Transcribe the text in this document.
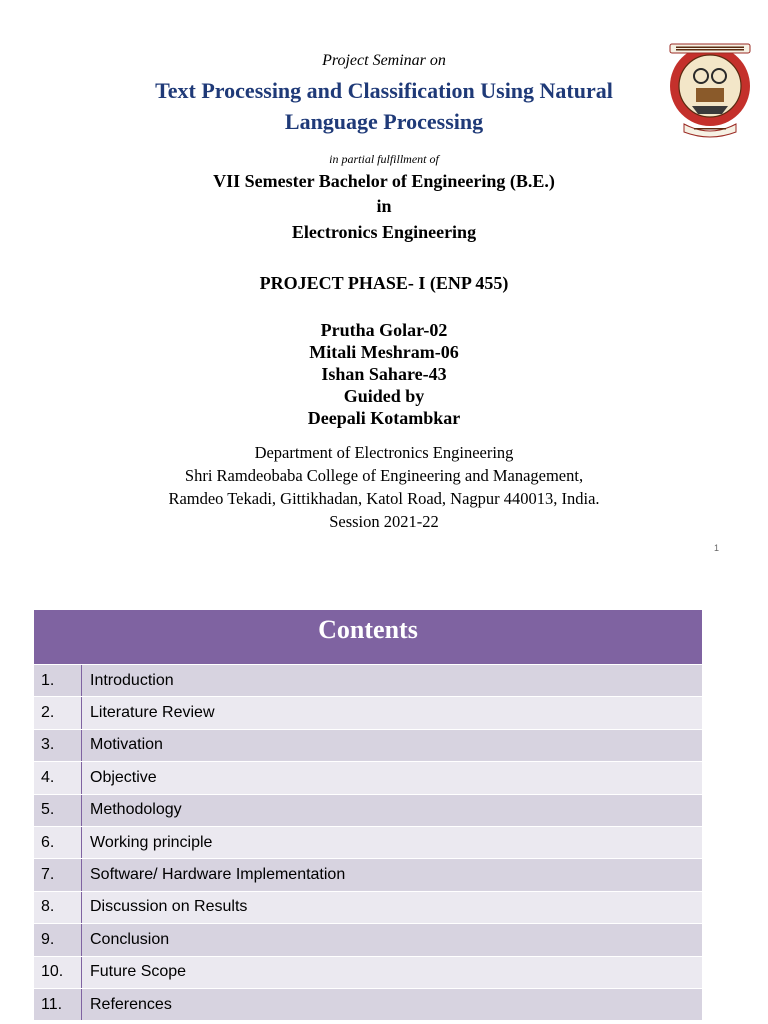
Project Seminar on
Text Processing and Classification Using Natural
Language Processing
in partial fulfillment of
VII Semester Bachelor of Engineering (B.E.)
in
Electronics Engineering
PROJECT PHASE- I (ENP 455)
Prutha Golar-02
Mitali Meshram-06
Ishan Sahare-43
Guided by
Deepali Kotambkar
Department of Electronics Engineering
Shri Ramdeobaba College of Engineering and Management,
Ramdeo Tekadi, Gittikhadan, Katol Road, Nagpur 440013, India.
Session 2021-22
1
Contents
1.	Introduction
2.	Literature Review
3.	Motivation
4.	Objective
5.	Methodology
6.	Working principle
7.	Software/ Hardware Implementation
8.	Discussion on Results
9.	Conclusion
10.	Future Scope
11.	References
